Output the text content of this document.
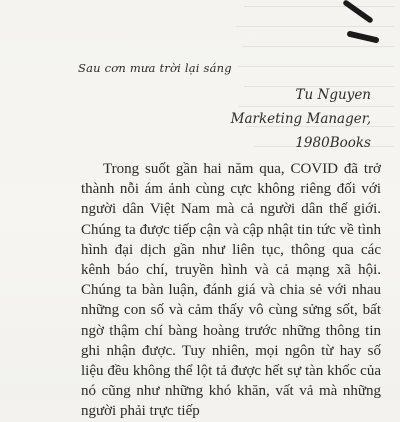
Sau cơn mưa trời lại sáng
Tu Nguyen
Marketing Manager,
1980Books

Trong suốt gần hai năm qua, COVID đã trở thành nỗi ám ảnh cùng cực không riêng đối với người dân Việt Nam mà cả người dân thế giới. Chúng ta được tiếp cận và cập nhật tin tức về tình hình đại dịch gần như liên tục, thông qua các kênh báo chí, truyền hình và cả mạng xã hội. Chúng ta bàn luận, đánh giá và chia sẻ với nhau những con số và cảm thấy vô cùng sửng sốt, bất ngờ thậm chí bàng hoàng trước những thông tin ghi nhận được. Tuy nhiên, mọi ngôn từ hay số liệu đều không thể lột tả được hết sự tàn khốc của nó cũng như những khó khăn, vất vả mà những người phải trực tiếp
